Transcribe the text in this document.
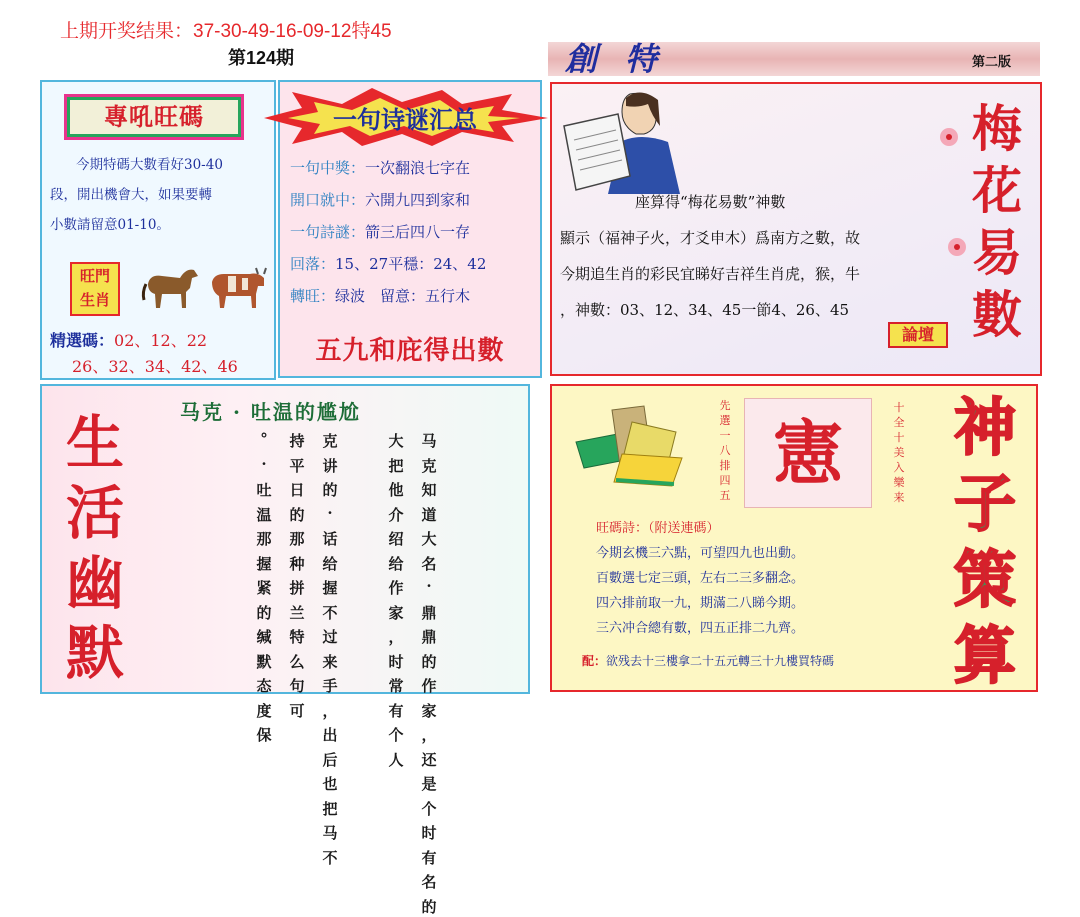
上期开奖结果：37-30-49-16-09-12特45
第124期	創特	第二版
專吼旺碼

今期特碼大數看好30-40

段，開出機會大，如果要轉

小數請留意01-10。

旺門
生肖
精選碼：02、12、22
26、32、34、42、46
一句诗谜汇总

一句中獎：一次翻浪七字在

開口就中：六開九四到家和

一句詩謎：箭三后四八一存

回落：15、27平穩：24、42

轉旺：绿波　留意：五行木

五九和庇得出數

　　　　　座算得“梅花易數”神數

顯示（福神子火，才爻申木）爲南方之數，故

今期追生肖的彩民宜睇好吉祥生肖虎，猴，牛

，神數：03、12、34、45一節4、26、45

梅花易數
論壇
生活幽默
马克 · 吐温的尴尬
马
克
知
道
大
名
·
鼎
鼎
的
作
家
，
还
是
个
时
有
名
的
大
把
他
介
绍
给
作
家
，
时
常
有
个
人
克
讲
的
·
话
给
握
不
过
来
手
，
出
后
也
把
马
不
持
平
日
的
那
种
拼
兰
特
么
句
可
°
·
吐
温
那
握
紧
的
缄
默
态
度
保
先
選
一
八
排
四
五
憲
十
全
十
美
入
樂
来
神子策算

旺碼詩：（附送連碼）

今期玄機三六點，可望四九也出動。

百數選七定三頭，左右二三多翻念。

四六排前取一九，期滿二八睇今期。

三六冲合總有數，四五正排二九齊。

配：欲残去十三樓拿二十五元轉三十九樓買特碼
